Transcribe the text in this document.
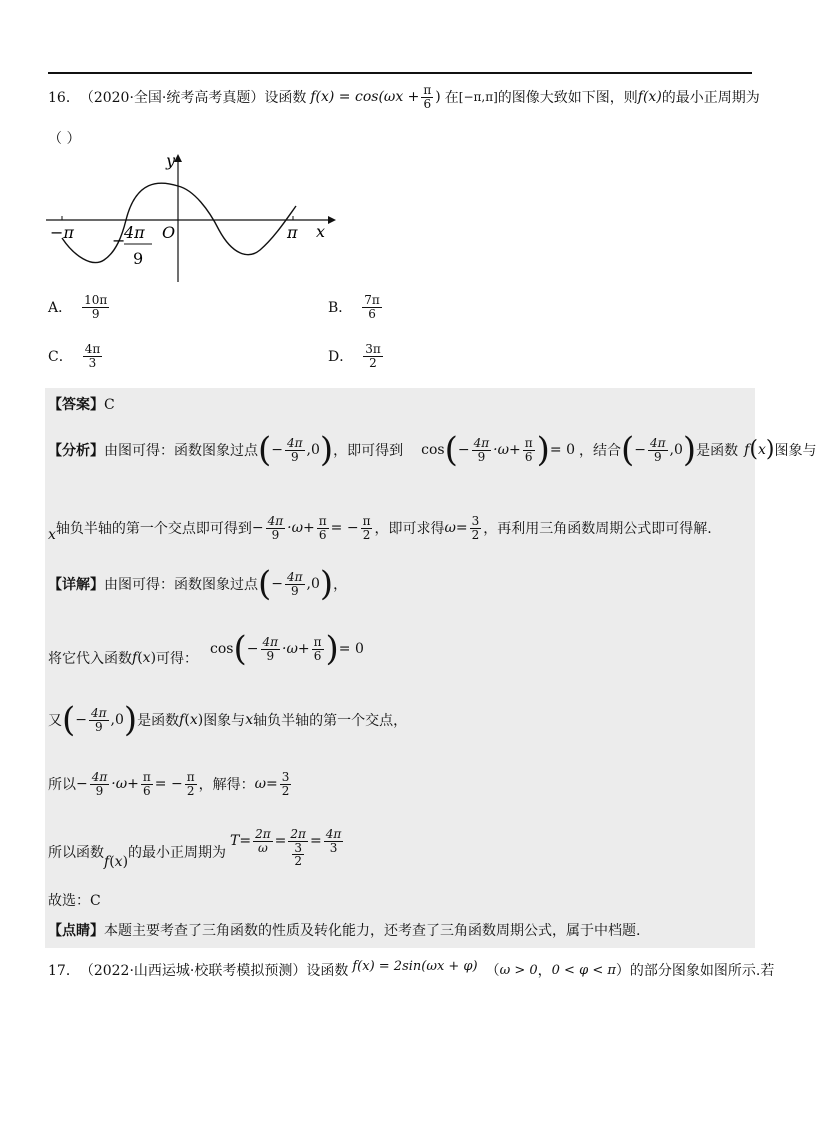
16． （2020·全国·统考高考真题） 设函数 $f(x) = \cos(\omega x + \frac{\pi}{6}$ ) 在 [−π,π] 的图像大致如下图，则 f(x) 的最小正周期为
（ ）
y
x
O
−π	π
−
4π
9
A． $\frac{10\pi}{9}$	B． $\frac{7\pi}{6}$
C． $\frac{4\pi}{3}$	D． $\frac{3\pi}{2}$
【答案】C
【分析】 由图可得：函数图象过点 ( − $\frac{4\pi}{9} ,0$ ) ，即可得到 cos ( − $\frac{4\pi}{9} \cdot\omega+ \frac{\pi}{6}$ ) = 0 ，结合 ( − $\frac{4\pi}{9} ,0$ ) 是函数 f ( x ) 图象与
x 轴负半轴的第一个交点即可得到 − $\frac{4\pi}{9} \cdot\omega+ \frac{\pi}{6}$ = − $\frac{\pi}{2}$ ，即可求得 $\omega = \frac{3}{2}$ ，再利用三角函数周期公式即可得解.
【详解】 由图可得：函数图象过点 ( − $\frac{4\pi}{9} ,0$ ) ，
将它代入函数 f ( x ) 可得：
cos ( − $\frac{4\pi}{9} \cdot\omega+ \frac{\pi}{6}$ ) = 0
又 ( − $\frac{4\pi}{9} ,0$ ) 是函数 f ( x ) 图象与 x 轴负半轴的第一个交点，
所以 − $\frac{4\pi}{9} \cdot\omega+ \frac{\pi}{6}$ = − $\frac{\pi}{2}$ ，解得： $\omega = \frac{3}{2}$
所以函数
f ( x )
的最小正周期为
$T = \frac{2\pi}{\omega} = \frac{2\pi}{\frac{3}{2}} = \frac{4\pi}{3}$
故选：C
【点睛】本题主要考查了三角函数的性质及转化能力，还考查了三角函数周期公式，属于中档题.
17． （2022·山西运城·校联考模拟预测） 设函数 f(x) = 2sin(ωx + φ) （ ω > 0 ， 0 < φ < π ） 的部分图象如图所示.若
